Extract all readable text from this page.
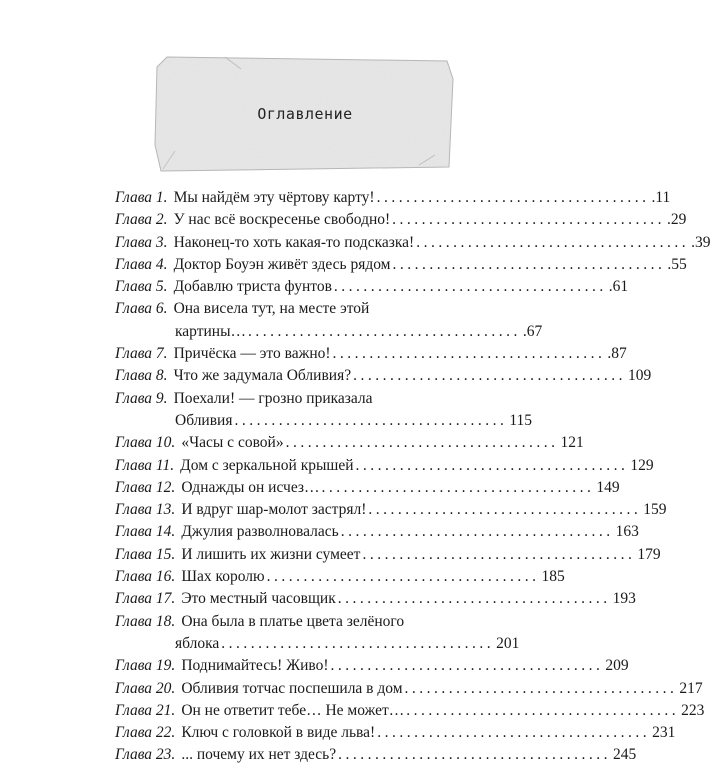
Оглавление
Глава 1. Мы найдём эту чёртову карту! ..................................... .11
Глава 2. У нас всё воскресенье свободно! ..................................... .29
Глава 3. Наконец-то хоть какая-то подсказка! ..................................... .39
Глава 4. Доктор Боуэн живёт здесь рядом ..................................... .55
Глава 5. Добавлю триста фунтов ..................................... .61
Глава 6. Она висела тут, на месте этой
картины… ..................................... .67
Глава 7. Причёска — это важно! ..................................... .87
Глава 8. Что же задумала Обливия? ..................................... 109
Глава 9. Поехали! — грозно приказала
Обливия ..................................... 115
Глава 10. «Часы с совой» ..................................... 121
Глава 11. Дом с зеркальной крышей ..................................... 129
Глава 12. Однажды он исчез… ..................................... 149
Глава 13. И вдруг шар-молот застрял! ..................................... 159
Глава 14. Джулия разволновалась ..................................... 163
Глава 15. И лишить их жизни сумеет ..................................... 179
Глава 16. Шах королю ..................................... 185
Глава 17. Это местный часовщик ..................................... 193
Глава 18. Она была в платье цвета зелёного
яблока ..................................... 201
Глава 19. Поднимайтесь! Живо! ..................................... 209
Глава 20. Обливия тотчас поспешила в дом ..................................... 217
Глава 21. Он не ответит тебе… Не может… ..................................... 223
Глава 22. Ключ с головкой в виде льва! ..................................... 231
Глава 23. ... почему их нет здесь? ..................................... 245
